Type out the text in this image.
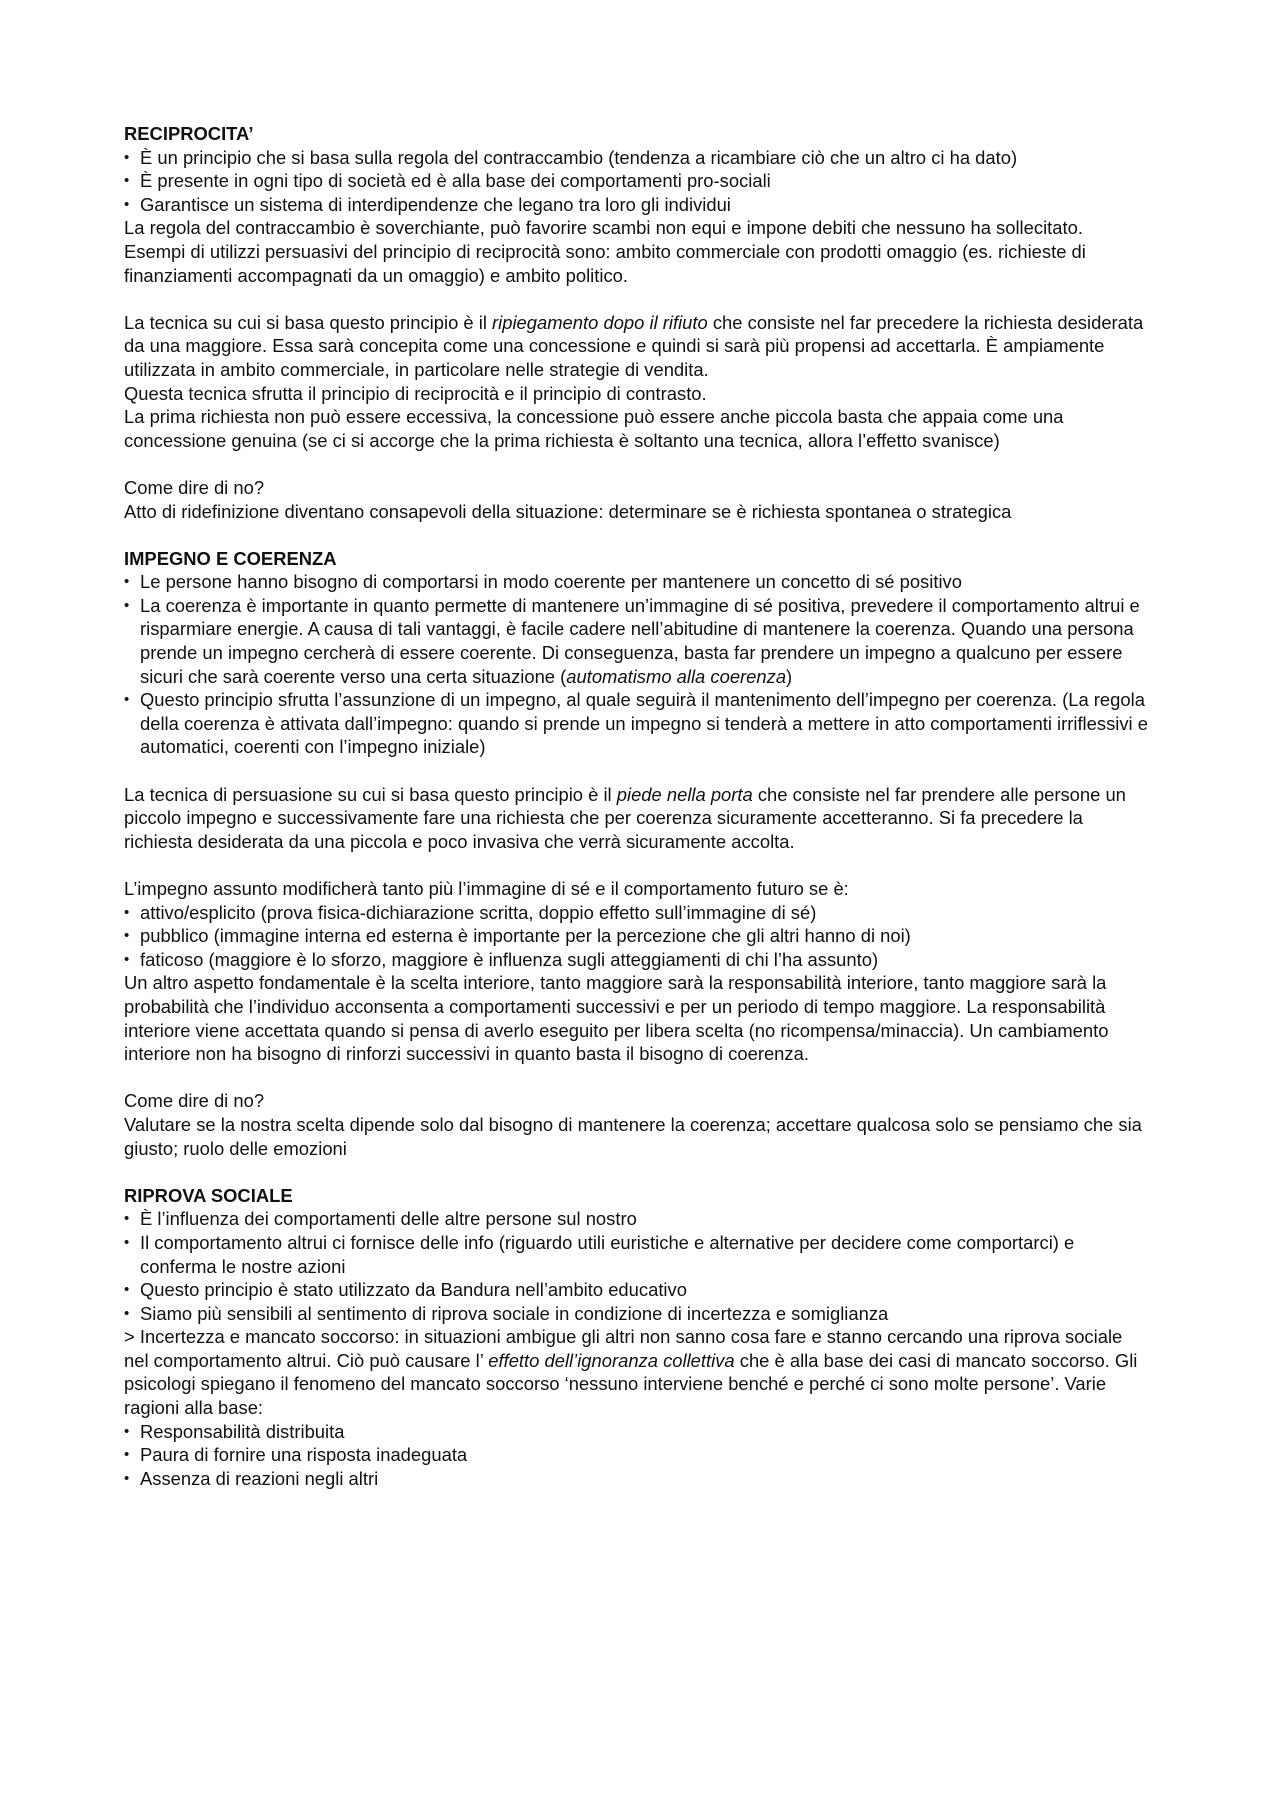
RECIPROCITA’

• È un principio che si basa sulla regola del contraccambio (tendenza a ricambiare ciò che un altro ci ha dato)
• È presente in ogni tipo di società ed è alla base dei comportamenti pro-sociali
• Garantisce un sistema di interdipendenze che legano tra loro gli individui

La regola del contraccambio è soverchiante, può favorire scambi non equi e impone debiti che nessuno ha sollecitato.

Esempi di utilizzi persuasivi del principio di reciprocità sono: ambito commerciale con prodotti omaggio (es. richieste di finanziamenti accompagnati da un omaggio) e ambito politico.

La tecnica su cui si basa questo principio è il ripiegamento dopo il rifiuto che consiste nel far precedere la richiesta desiderata da una maggiore. Essa sarà concepita come una concessione e quindi si sarà più propensi ad accettarla. È ampiamente utilizzata in ambito commerciale, in particolare nelle strategie di vendita.

Questa tecnica sfrutta il principio di reciprocità e il principio di contrasto.

La prima richiesta non può essere eccessiva, la concessione può essere anche piccola basta che appaia come una concessione genuina (se ci si accorge che la prima richiesta è soltanto una tecnica, allora l’effetto svanisce)

Come dire di no?

Atto di ridefinizione diventano consapevoli della situazione: determinare se è richiesta spontanea o strategica

IMPEGNO E COERENZA

• Le persone hanno bisogno di comportarsi in modo coerente per mantenere un concetto di sé positivo
• La coerenza è importante in quanto permette di mantenere un’immagine di sé positiva, prevedere il comportamento altrui e risparmiare energie. A causa di tali vantaggi, è facile cadere nell’abitudine di mantenere la coerenza. Quando una persona prende un impegno cercherà di essere coerente. Di conseguenza, basta far prendere un impegno a qualcuno per essere sicuri che sarà coerente verso una certa situazione (automatismo alla coerenza)
• Questo principio sfrutta l’assunzione di un impegno, al quale seguirà il mantenimento dell’impegno per coerenza. (La regola della coerenza è attivata dall’impegno: quando si prende un impegno si tenderà a mettere in atto comportamenti irriflessivi e automatici, coerenti con l’impegno iniziale)

La tecnica di persuasione su cui si basa questo principio è il piede nella porta che consiste nel far prendere alle persone un piccolo impegno e successivamente fare una richiesta che per coerenza sicuramente accetteranno. Si fa precedere la richiesta desiderata da una piccola e poco invasiva che verrà sicuramente accolta.

L’impegno assunto modificherà tanto più l’immagine di sé e il comportamento futuro se è:

• attivo/esplicito (prova fisica-dichiarazione scritta, doppio effetto sull’immagine di sé)
• pubblico (immagine interna ed esterna è importante per la percezione che gli altri hanno di noi)
• faticoso (maggiore è lo sforzo, maggiore è influenza sugli atteggiamenti di chi l’ha assunto)

Un altro aspetto fondamentale è la scelta interiore, tanto maggiore sarà la responsabilità interiore, tanto maggiore sarà la probabilità che l’individuo acconsenta a comportamenti successivi e per un periodo di tempo maggiore. La responsabilità interiore viene accettata quando si pensa di averlo eseguito per libera scelta (no ricompensa/minaccia). Un cambiamento interiore non ha bisogno di rinforzi successivi in quanto basta il bisogno di coerenza.

Come dire di no?

Valutare se la nostra scelta dipende solo dal bisogno di mantenere la coerenza; accettare qualcosa solo se pensiamo che sia giusto; ruolo delle emozioni

RIPROVA SOCIALE

• È l’influenza dei comportamenti delle altre persone sul nostro
• Il comportamento altrui ci fornisce delle info (riguardo utili euristiche e alternative per decidere come comportarci) e conferma le nostre azioni
• Questo principio è stato utilizzato da Bandura nell’ambito educativo
• Siamo più sensibili al sentimento di riprova sociale in condizione di incertezza e somiglianza

> Incertezza e mancato soccorso: in situazioni ambigue gli altri non sanno cosa fare e stanno cercando una riprova sociale nel comportamento altrui. Ciò può causare l’ effetto dell’ignoranza collettiva che è alla base dei casi di mancato soccorso. Gli psicologi spiegano il fenomeno del mancato soccorso ‘nessuno interviene benché e perché ci sono molte persone’. Varie ragioni alla base:

• Responsabilità distribuita
• Paura di fornire una risposta inadeguata
• Assenza di reazioni negli altri
